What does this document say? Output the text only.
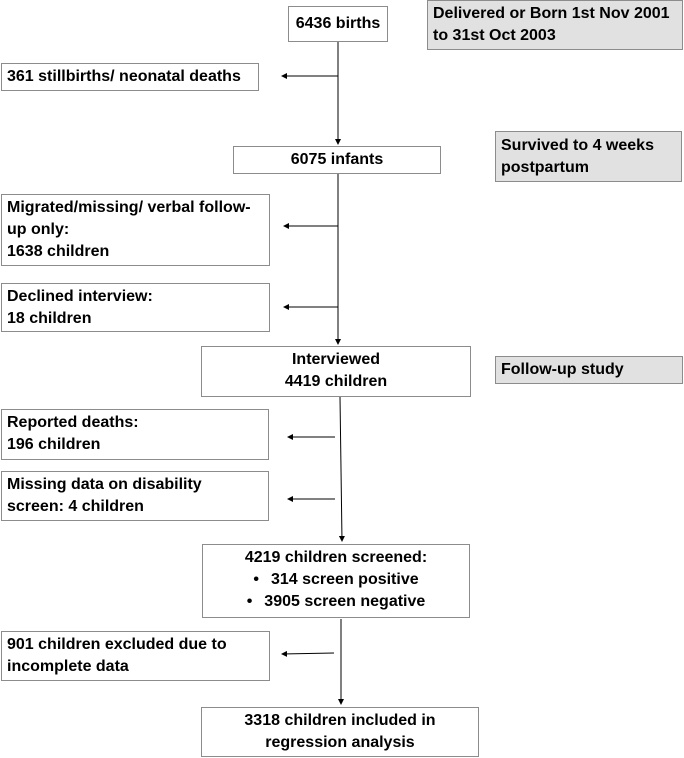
6436 births
361 stillbirths/ neonatal deaths
6075 infants
Migrated/missing/ verbal follow-
up only:
1638 children
Declined interview:
18 children
Interviewed
4419 children
Reported deaths:
196 children
Missing data on disability
screen: 4 children
4219 children screened:
• 314 screen positive
• 3905 screen negative
901 children excluded due to
incomplete data
3318 children included in
regression analysis
Delivered or Born 1st Nov 2001
to 31st Oct 2003
Survived to 4 weeks
postpartum
Follow-up study
